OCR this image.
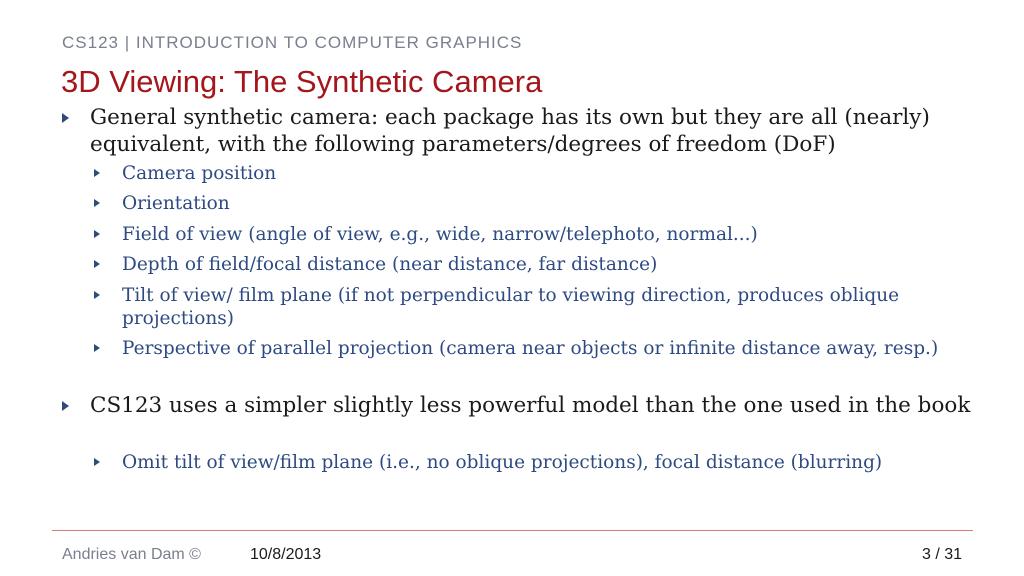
CS123 | INTRODUCTION TO COMPUTER GRAPHICS
3D Viewing: The Synthetic Camera
General synthetic camera: each package has its own but they are all (nearly) equivalent, with the following parameters/degrees of freedom (DoF)
Camera position
Orientation
Field of view (angle of view, e.g., wide, narrow/telephoto, normal...)
Depth of field/focal distance (near distance, far distance)
Tilt of view/ film plane (if not perpendicular to viewing direction, produces oblique projections)
Perspective of parallel projection (camera near objects or infinite distance away, resp.)
CS123 uses a simpler slightly less powerful model than the one used in the book
Omit tilt of view/film plane (i.e., no oblique projections), focal distance (blurring)
Andries van Dam ©	10/8/2013	3 / 31
